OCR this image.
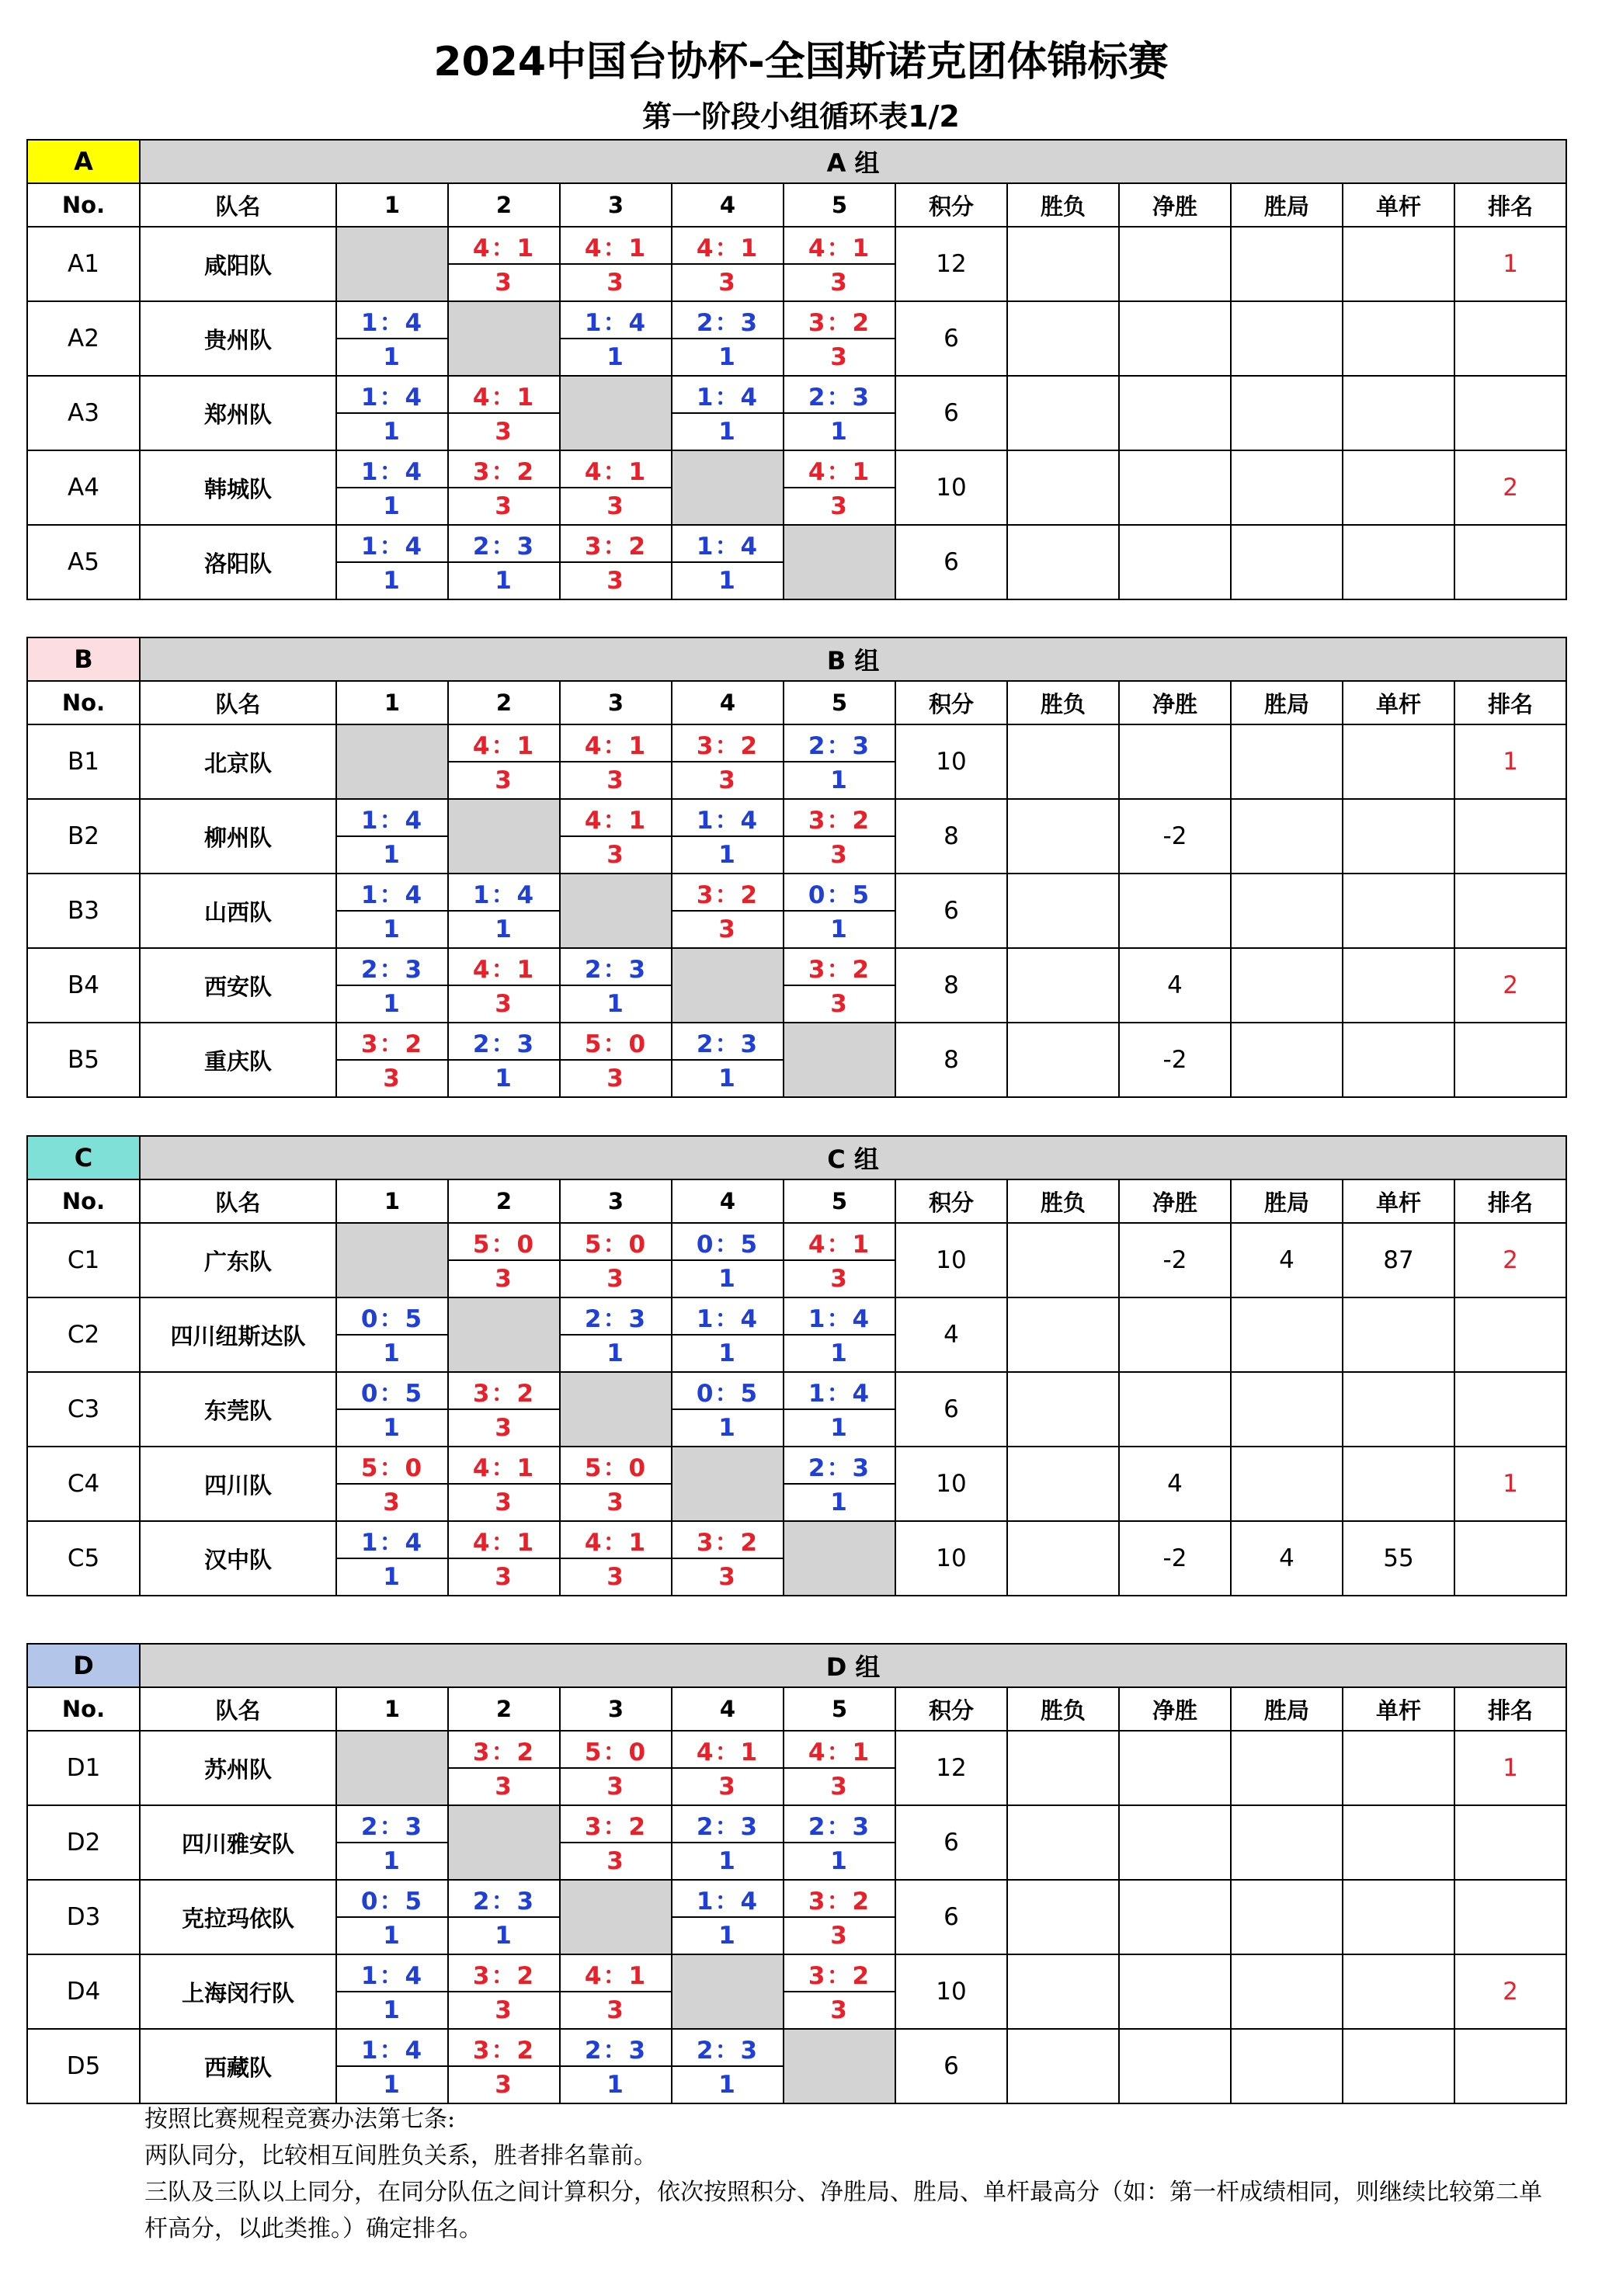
2024中国台协杯-全国斯诺克团体锦标赛
第一阶段小组循环表1/2
A	A 组											
No.	队名	1	2	3	4	5	积分	胜负	净胜	胜局	单杆	排名
A1	咸阳队		4：1	4：1	4：1	4：1	12					1
			3	3	3	3						
A2	贵州队	1：4		1：4	2：3	3：2	6					
		1		1	1	3						
A3	郑州队	1：4	4：1		1：4	2：3	6					
		1	3		1	1						
A4	韩城队	1：4	3：2	4：1		4：1	10					2
		1	3	3		3						
A5	洛阳队	1：4	2：3	3：2	1：4		6					
		1	1	3	1							
B	B 组											
No.	队名	1	2	3	4	5	积分	胜负	净胜	胜局	单杆	排名
B1	北京队		4：1	4：1	3：2	2：3	10					1
			3	3	3	1						
B2	柳州队	1：4		4：1	1：4	3：2	8		-2			
		1		3	1	3						
B3	山西队	1：4	1：4		3：2	0：5	6					
		1	1		3	1						
B4	西安队	2：3	4：1	2：3		3：2	8		4			2
		1	3	1		3						
B5	重庆队	3：2	2：3	5：0	2：3		8		-2			
		3	1	3	1							
C	C 组											
No.	队名	1	2	3	4	5	积分	胜负	净胜	胜局	单杆	排名
C1	广东队		5：0	5：0	0：5	4：1	10		-2	4	87	2
			3	3	1	3						
C2	四川纽斯达队	0：5		2：3	1：4	1：4	4					
		1		1	1	1						
C3	东莞队	0：5	3：2		0：5	1：4	6					
		1	3		1	1						
C4	四川队	5：0	4：1	5：0		2：3	10		4			1
		3	3	3		1						
C5	汉中队	1：4	4：1	4：1	3：2		10		-2	4	55	
		1	3	3	3							
D	D 组											
No.	队名	1	2	3	4	5	积分	胜负	净胜	胜局	单杆	排名
D1	苏州队		3：2	5：0	4：1	4：1	12					1
			3	3	3	3						
D2	四川雅安队	2：3		3：2	2：3	2：3	6					
		1		3	1	1						
D3	克拉玛依队	0：5	2：3		1：4	3：2	6					
		1	1		1	3						
D4	上海闵行队	1：4	3：2	4：1		3：2	10					2
		1	3	3		3						
D5	西藏队	1：4	3：2	2：3	2：3		6					
		1	3	1	1							
按照比赛规程竞赛办法第七条:
两队同分，比较相互间胜负关系，胜者排名靠前。
三队及三队以上同分，在同分队伍之间计算积分，依次按照积分、净胜局、胜局、单杆最高分（如：第一杆成绩相同，则继续比较第二单杆高分，以此类推。）确定排名。
